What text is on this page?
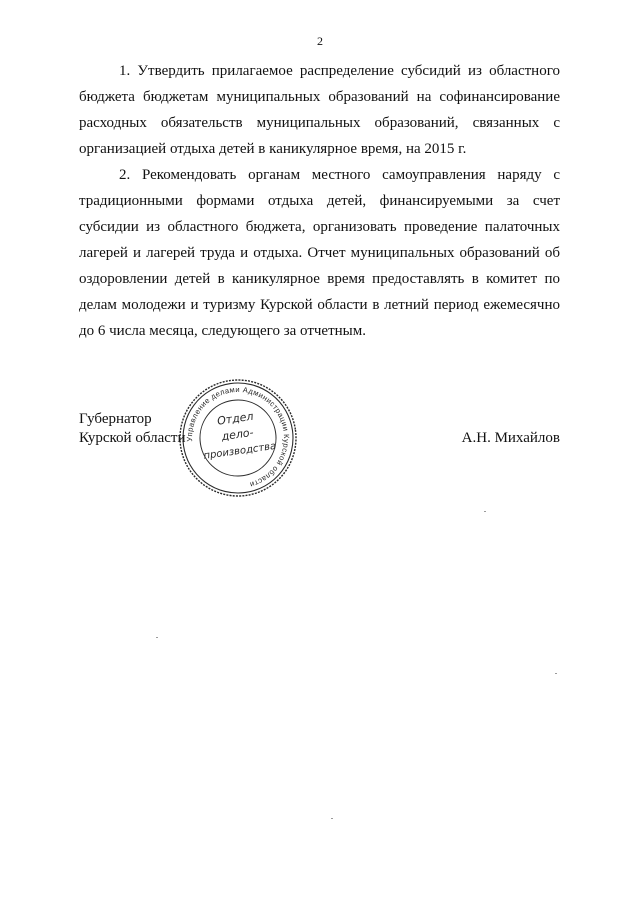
2

1. Утвердить прилагаемое распределение субсидий из областного бюджета бюджетам муниципальных образований на софинансирование расходных обязательств муниципальных образований, связанных с организацией отдыха детей в каникулярное время, на 2015 г.

2. Рекомендовать органам местного самоуправления наряду с традиционными формами отдыха детей, финансируемыми за счет субсидии из областного бюджета, организовать проведение палаточных лагерей и лагерей труда и отдыха. Отчет муниципальных образований об оздоровлении детей в каникулярное время предоставлять в комитет по делам молодежи и туризму Курской области в летний период ежемесячно до 6 числа месяца, следующего за отчетным.

Губернатор
Курской области	А.Н. Михайлов
Управление делами Администрации Курской области
Отдел
дело-
производства
